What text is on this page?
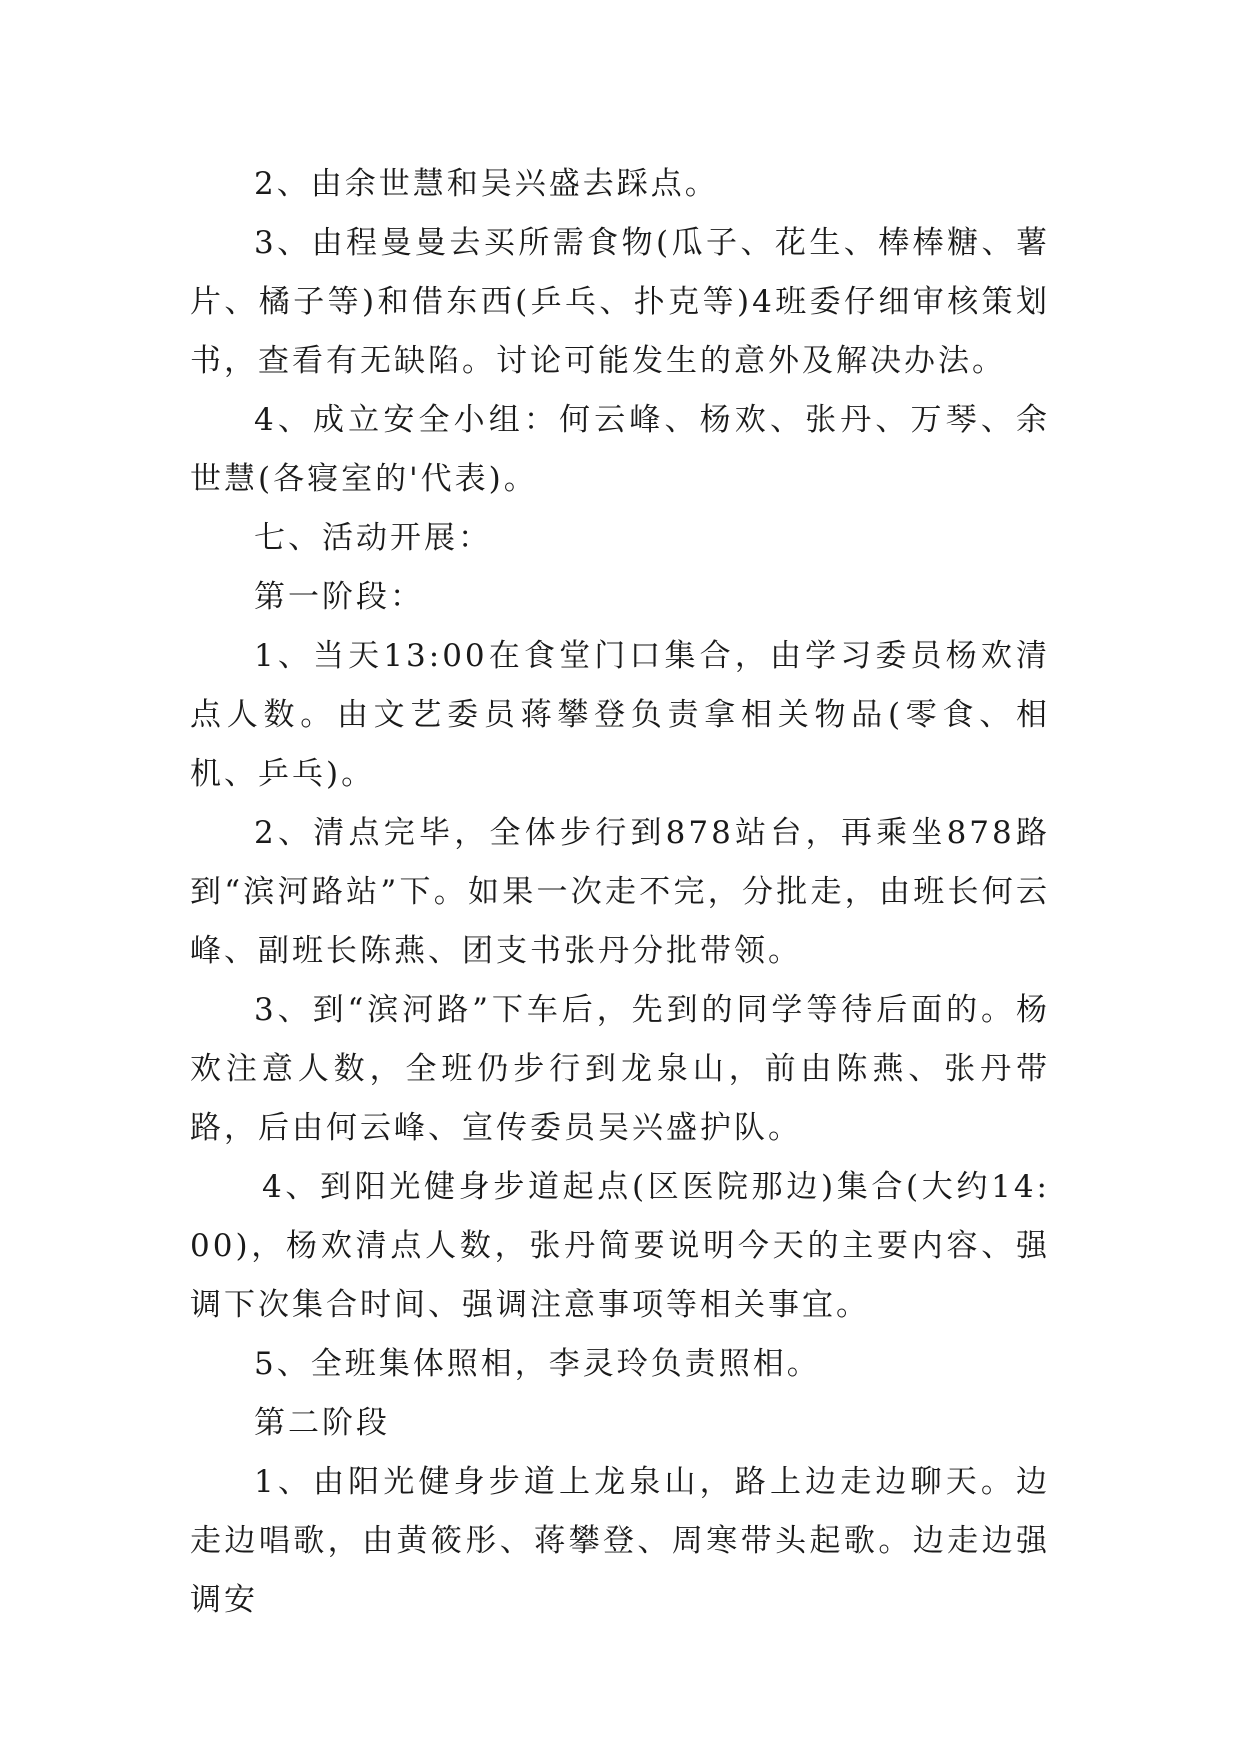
2、由余世慧和吴兴盛去踩点。

3、由程曼曼去买所需食物(瓜子、花生、棒棒糖、薯片、橘子等)和借东西(乒乓、扑克等)4班委仔细审核策划书，查看有无缺陷。讨论可能发生的意外及解决办法。

4、成立安全小组：何云峰、杨欢、张丹、万琴、余世慧(各寝室的'代表)。

七、活动开展：

第一阶段：

1、当天13:00在食堂门口集合，由学习委员杨欢清点人数。由文艺委员蒋攀登负责拿相关物品(零食、相机、乒乓)。

2、清点完毕，全体步行到878站台，再乘坐878路到“滨河路站”下。如果一次走不完，分批走，由班长何云峰、副班长陈燕、团支书张丹分批带领。

3、到“滨河路”下车后，先到的同学等待后面的。杨欢注意人数，全班仍步行到龙泉山，前由陈燕、张丹带路，后由何云峰、宣传委员吴兴盛护队。

4、到阳光健身步道起点(区医院那边)集合(大约14:00)，杨欢清点人数，张丹简要说明今天的主要内容、强调下次集合时间、强调注意事项等相关事宜。

5、全班集体照相，李灵玲负责照相。

第二阶段

1、由阳光健身步道上龙泉山，路上边走边聊天。边走边唱歌，由黄筱彤、蒋攀登、周寒带头起歌。边走边强调安
